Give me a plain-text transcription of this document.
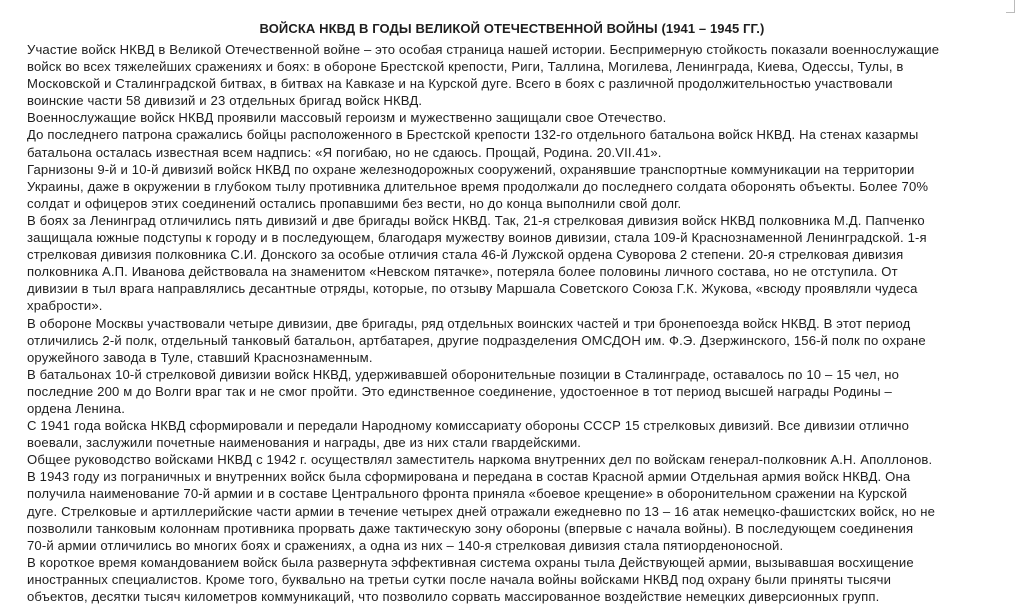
ВОЙСКА НКВД В ГОДЫ ВЕЛИКОЙ ОТЕЧЕСТВЕННОЙ ВОЙНЫ (1941 – 1945 ГГ.)
Участие войск НКВД в Великой Отечественной войне – это особая страница нашей истории. Беспримерную стойкость показали военнослужащие
войск во всех тяжелейших сражениях и боях: в обороне Брестской крепости, Риги, Таллина, Могилева, Ленинграда, Киева, Одессы, Тулы, в
Московской и Сталинградской битвах, в битвах на Кавказе и на Курской дуге. Всего в боях с различной продолжительностью участвовали
воинские части 58 дивизий и 23 отдельных бригад войск НКВД.
Военнослужащие войск НКВД проявили массовый героизм и мужественно защищали свое Отечество.
До последнего патрона сражались бойцы расположенного в Брестской крепости 132-го отдельного батальона войск НКВД. На стенах казармы
батальона осталась известная всем надпись: «Я погибаю, но не сдаюсь. Прощай, Родина. 20.VII.41».
Гарнизоны 9-й и 10-й дивизий войск НКВД по охране железнодорожных сооружений, охранявшие транспортные коммуникации на территории
Украины, даже в окружении в глубоком тылу противника длительное время продолжали до последнего солдата оборонять объекты. Более 70%
солдат и офицеров этих соединений остались пропавшими без вести, но до конца выполнили свой долг.
В боях за Ленинград отличились пять дивизий и две бригады войск НКВД. Так, 21-я стрелковая дивизия войск НКВД полковника М.Д. Папченко
защищала южные подступы к городу и в последующем, благодаря мужеству воинов дивизии, стала 109-й Краснознаменной Ленинградской. 1-я
стрелковая дивизия полковника С.И. Донского за особые отличия стала 46-й Лужской ордена Суворова 2 степени. 20-я стрелковая дивизия
полковника А.П. Иванова действовала на знаменитом «Невском пятачке», потеряла более половины личного состава, но не отступила. От
дивизии в тыл врага направлялись десантные отряды, которые, по отзыву Маршала Советского Союза Г.К. Жукова, «всюду проявляли чудеса
храбрости».
В обороне Москвы участвовали четыре дивизии, две бригады, ряд отдельных воинских частей и три бронепоезда войск НКВД. В этот период
отличились 2-й полк, отдельный танковый батальон, артбатарея, другие подразделения ОМСДОН им. Ф.Э. Дзержинского, 156-й полк по охране
оружейного завода в Туле, ставший Краснознаменным.
В батальонах 10-й стрелковой дивизии войск НКВД, удерживавшей оборонительные позиции в Сталинграде, оставалось по 10 – 15 чел, но
последние 200 м до Волги враг так и не смог пройти. Это единственное соединение, удостоенное в тот период высшей награды Родины –
ордена Ленина.
С 1941 года войска НКВД сформировали и передали Народному комиссариату обороны СССР 15 стрелковых дивизий. Все дивизии отлично
воевали, заслужили почетные наименования и награды, две из них стали гвардейскими.
Общее руководство войсками НКВД с 1942 г. осуществлял заместитель наркома внутренних дел по войскам генерал-полковник А.Н. Аполлонов.
В 1943 году из пограничных и внутренних войск была сформирована и передана в состав Красной армии Отдельная армия войск НКВД. Она
получила наименование 70-й армии и в составе Центрального фронта приняла «боевое крещение» в оборонительном сражении на Курской
дуге. Стрелковые и артиллерийские части армии в течение четырех дней отражали ежедневно по 13 – 16 атак немецко-фашистских войск, но не
позволили танковым колоннам противника прорвать даже тактическую зону обороны (впервые с начала войны). В последующем соединения
70-й армии отличились во многих боях и сражениях, а одна из них – 140-я стрелковая дивизия стала пятиорденоносной.
В короткое время командованием войск была развернута эффективная система охраны тыла Действующей армии, вызывавшая восхищение
иностранных специалистов. Кроме того, буквально на третьи сутки после начала войны войсками НКВД под охрану были приняты тысячи
объектов, десятки тысяч километров коммуникаций, что позволило сорвать массированное воздействие немецких диверсионных групп.
